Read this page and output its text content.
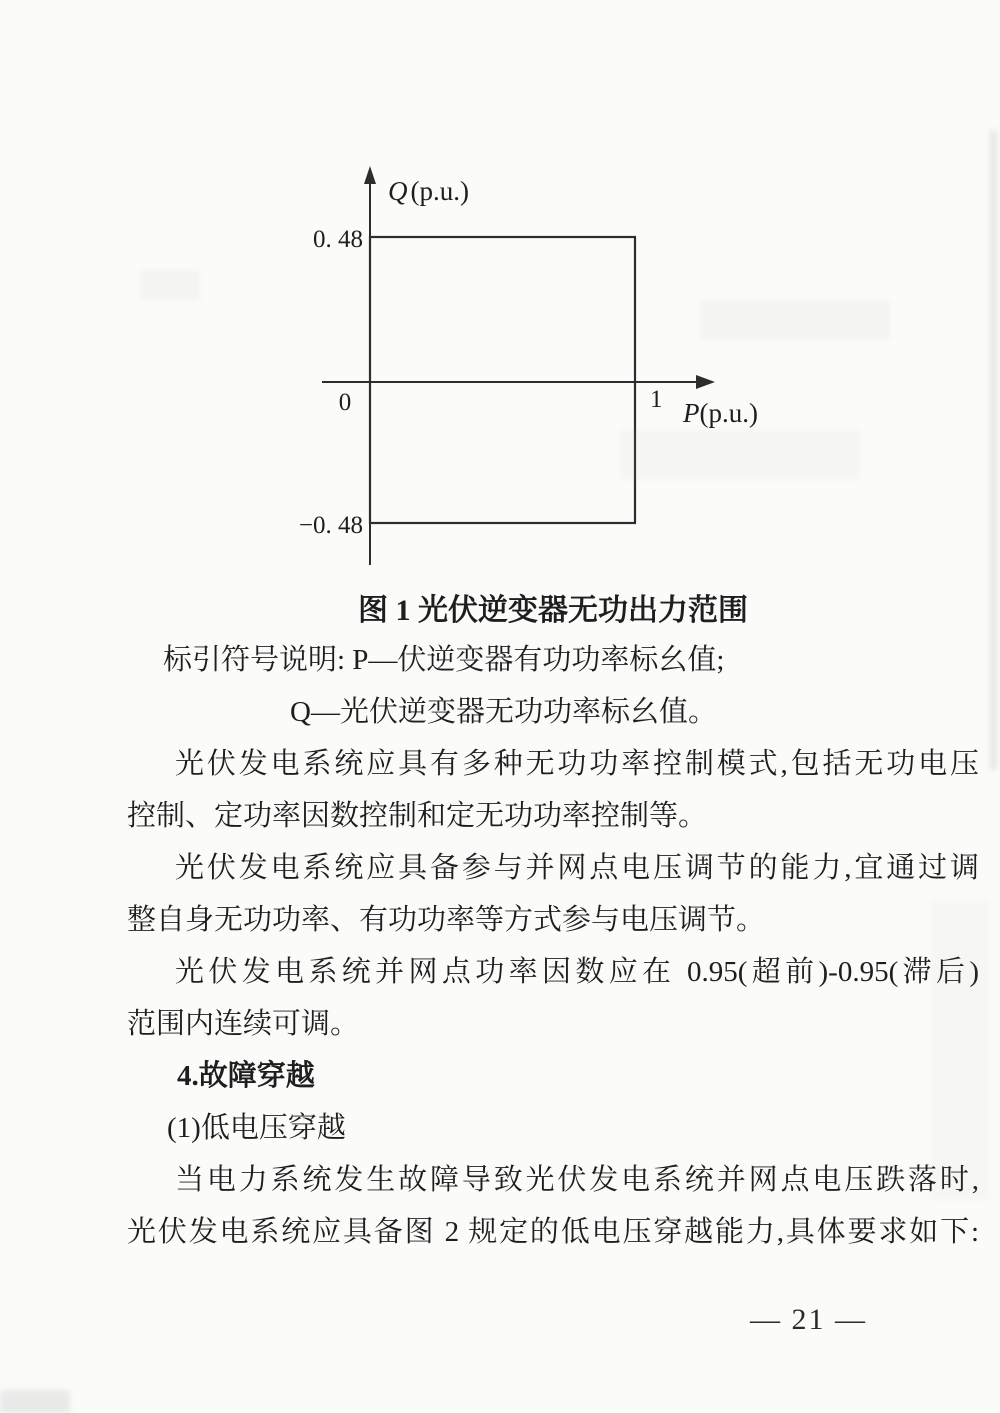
Q (p.u.)
P(p.u.)
0. 48
−0. 48
0	1
图 1 光伏逆变器无功出力范围
标引符号说明: P—伏逆变器有功功率标幺值;
Q—光伏逆变器无功功率标幺值。
光伏发电系统应具有多种无功功率控制模式,包括无功电压
控制、定功率因数控制和定无功功率控制等。
光伏发电系统应具备参与并网点电压调节的能力,宜通过调
整自身无功功率、有功功率等方式参与电压调节。
光伏发电系统并网点功率因数应在 0.95(超前)-0.95(滞后)
范围内连续可调。
4.故障穿越
(1)低电压穿越
当电力系统发生故障导致光伏发电系统并网点电压跌落时,
光伏发电系统应具备图 2 规定的低电压穿越能力,具体要求如下:
— 21 —
